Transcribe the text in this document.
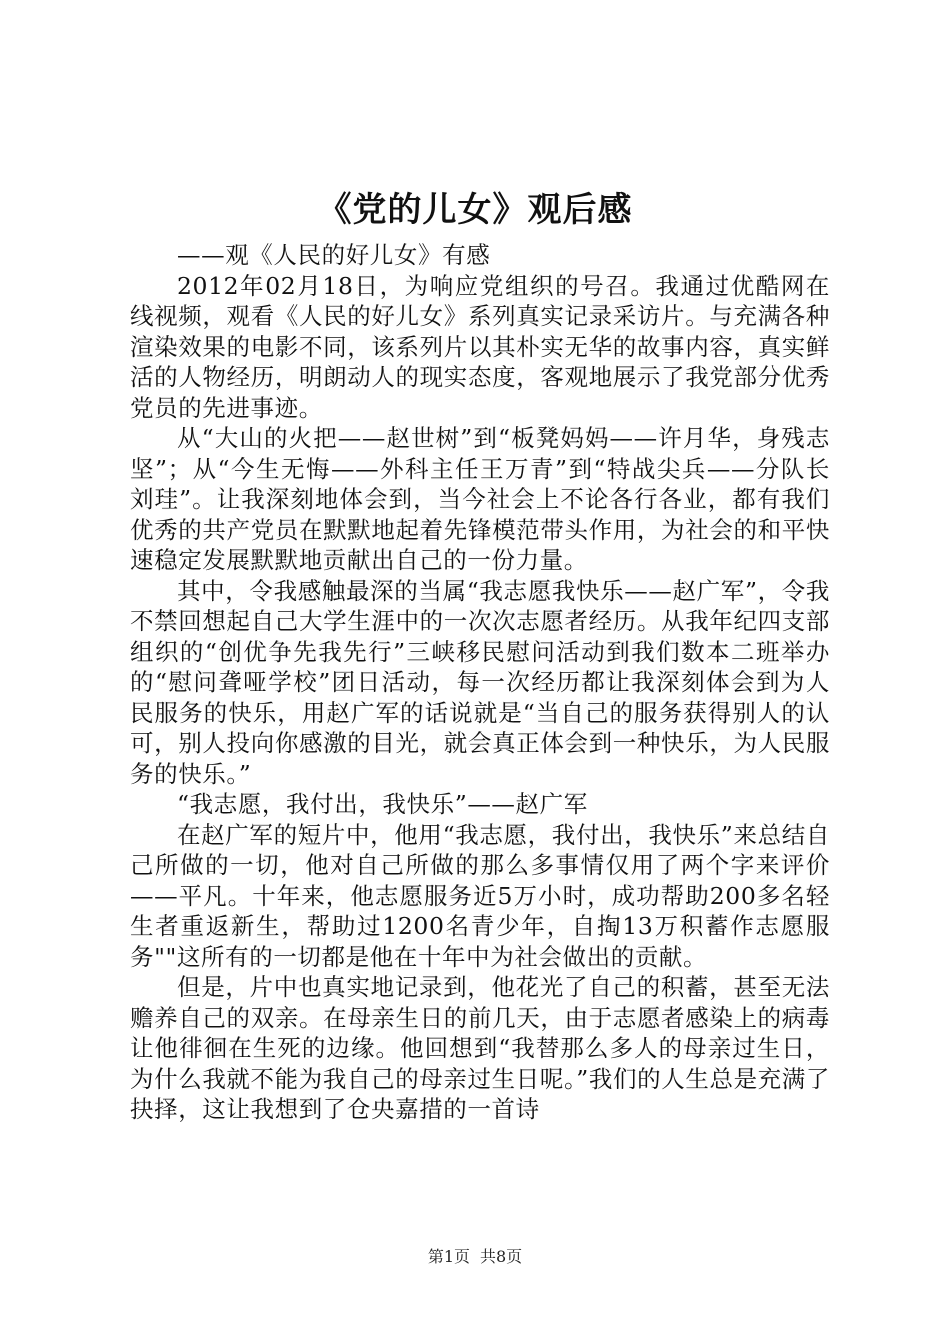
《党的儿女》观后感

——观《人民的好儿女》有感

2012年02月18日，为响应党组织的号召。我通过优酷网在线视频，观看《人民的好儿女》系列真实记录采访片。与充满各种渲染效果的电影不同，该系列片以其朴实无华的故事内容，真实鲜活的人物经历，明朗动人的现实态度，客观地展示了我党部分优秀党员的先进事迹。

从“大山的火把——赵世树”到“板凳妈妈——许月华，身残志坚”；从“今生无悔——外科主任王万青”到“特战尖兵——分队长刘珪”。让我深刻地体会到，当今社会上不论各行各业，都有我们优秀的共产党员在默默地起着先锋模范带头作用，为社会的和平快速稳定发展默默地贡献出自己的一份力量。

其中，令我感触最深的当属“我志愿我快乐——赵广军”，令我不禁回想起自己大学生涯中的一次次志愿者经历。从我年纪四支部组织的“创优争先我先行”三峡移民慰问活动到我们数本二班举办的“慰问聋哑学校”团日活动，每一次经历都让我深刻体会到为人民服务的快乐，用赵广军的话说就是“当自己的服务获得别人的认可，别人投向你感激的目光，就会真正体会到一种快乐，为人民服务的快乐。”

“我志愿，我付出，我快乐”——赵广军

在赵广军的短片中，他用“我志愿，我付出，我快乐”来总结自己所做的一切，他对自己所做的那么多事情仅用了两个字来评价——平凡。十年来，他志愿服务近5万小时，成功帮助200多名轻生者重返新生，帮助过1200名青少年，自掏13万积蓄作志愿服务""这所有的一切都是他在十年中为社会做出的贡献。

但是，片中也真实地记录到，他花光了自己的积蓄，甚至无法赡养自己的双亲。在母亲生日的前几天，由于志愿者感染上的病毒让他徘徊在生死的边缘。他回想到“我替那么多人的母亲过生日，为什么我就不能为我自己的母亲过生日呢。”我们的人生总是充满了抉择，这让我想到了仓央嘉措的一首诗

第1页 共8页
